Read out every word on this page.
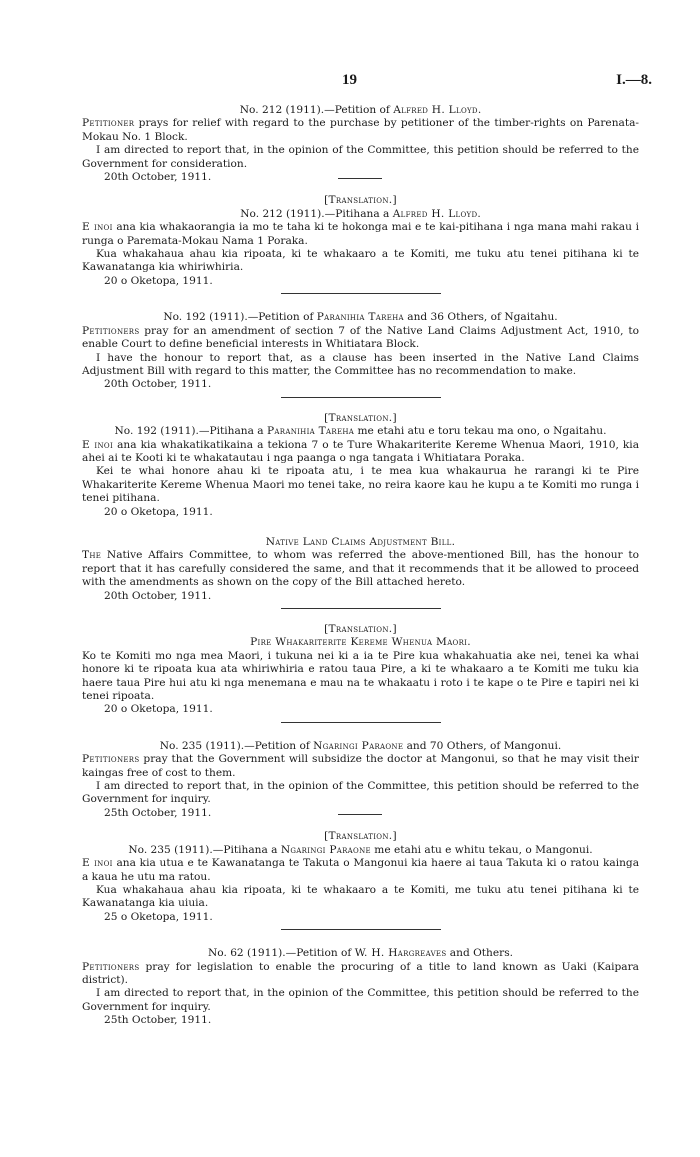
19	I.—8.

No. 212 (1911).—Petition of Alfred H. Lloyd.

Petitioner prays for relief with regard to the purchase by petitioner of the timber-rights on Parenata-Mokau No. 1 Block.

I am directed to report that, in the opinion of the Committee, this petition should be referred to the Government for consideration.

20th October, 1911.

[Translation.]

No. 212 (1911).—Pitihana a Alfred H. Lloyd.

E inoi ana kia whakaorangia ia mo te taha ki te hokonga mai e te kai-pitihana i nga mana mahi rakau i runga o Paremata-Mokau Nama 1 Poraka.

Kua whakahaua ahau kia ripoata, ki te whakaaro a te Komiti, me tuku atu tenei pitihana ki te Kawanatanga kia whiriwhiria.

20 o Oketopa, 1911.

No. 192 (1911).—Petition of Paranihia Tareha and 36 Others, of Ngaitahu.

Petitioners pray for an amendment of section 7 of the Native Land Claims Adjustment Act, 1910, to enable Court to define beneficial interests in Whitiatara Block.

I have the honour to report that, as a clause has been inserted in the Native Land Claims Adjustment Bill with regard to this matter, the Committee has no recommendation to make.

20th October, 1911.

[Translation.]

No. 192 (1911).—Pitihana a Paranihia Tareha me etahi atu e toru tekau ma ono, o Ngaitahu.

E inoi ana kia whakatikatikaina a tekiona 7 o te Ture Whakariterite Kereme Whenua Maori, 1910, kia ahei ai te Kooti ki te whakatautau i nga paanga o nga tangata i Whitiatara Poraka.

Kei te whai honore ahau ki te ripoata atu, i te mea kua whakaurua he rarangi ki te Pire Whakariterite Kereme Whenua Maori mo tenei take, no reira kaore kau he kupu a te Komiti mo runga i tenei pitihana.

20 o Oketopa, 1911.

Native Land Claims Adjustment Bill.

The Native Affairs Committee, to whom was referred the above-mentioned Bill, has the honour to report that it has carefully considered the same, and that it recommends that it be allowed to proceed with the amendments as shown on the copy of the Bill attached hereto.

20th October, 1911.

[Translation.]

Pire Whakariterite Kereme Whenua Maori.

Ko te Komiti mo nga mea Maori, i tukuna nei ki a ia te Pire kua whakahuatia ake nei, tenei ka whai honore ki te ripoata kua ata whiriwhiria e ratou taua Pire, a ki te whakaaro a te Komiti me tuku kia haere taua Pire hui atu ki nga menemana e mau na te whakaatu i roto i te kape o te Pire e tapiri nei ki tenei ripoata.

20 o Oketopa, 1911.

No. 235 (1911).—Petition of Ngaringi Paraone and 70 Others, of Mangonui.

Petitioners pray that the Government will subsidize the doctor at Mangonui, so that he may visit their kaingas free of cost to them.

I am directed to report that, in the opinion of the Committee, this petition should be referred to the Government for inquiry.

25th October, 1911.

[Translation.]

No. 235 (1911).—Pitihana a Ngaringi Paraone me etahi atu e whitu tekau, o Mangonui.

E inoi ana kia utua e te Kawanatanga te Takuta o Mangonui kia haere ai taua Takuta ki o ratou kainga a kaua he utu ma ratou.

Kua whakahaua ahau kia ripoata, ki te whakaaro a te Komiti, me tuku atu tenei pitihana ki te Kawanatanga kia uiuia.

25 o Oketopa, 1911.

No. 62 (1911).—Petition of W. H. Hargreaves and Others.

Petitioners pray for legislation to enable the procuring of a title to land known as Uaki (Kaipara district).

I am directed to report that, in the opinion of the Committee, this petition should be referred to the Government for inquiry.

25th October, 1911.
